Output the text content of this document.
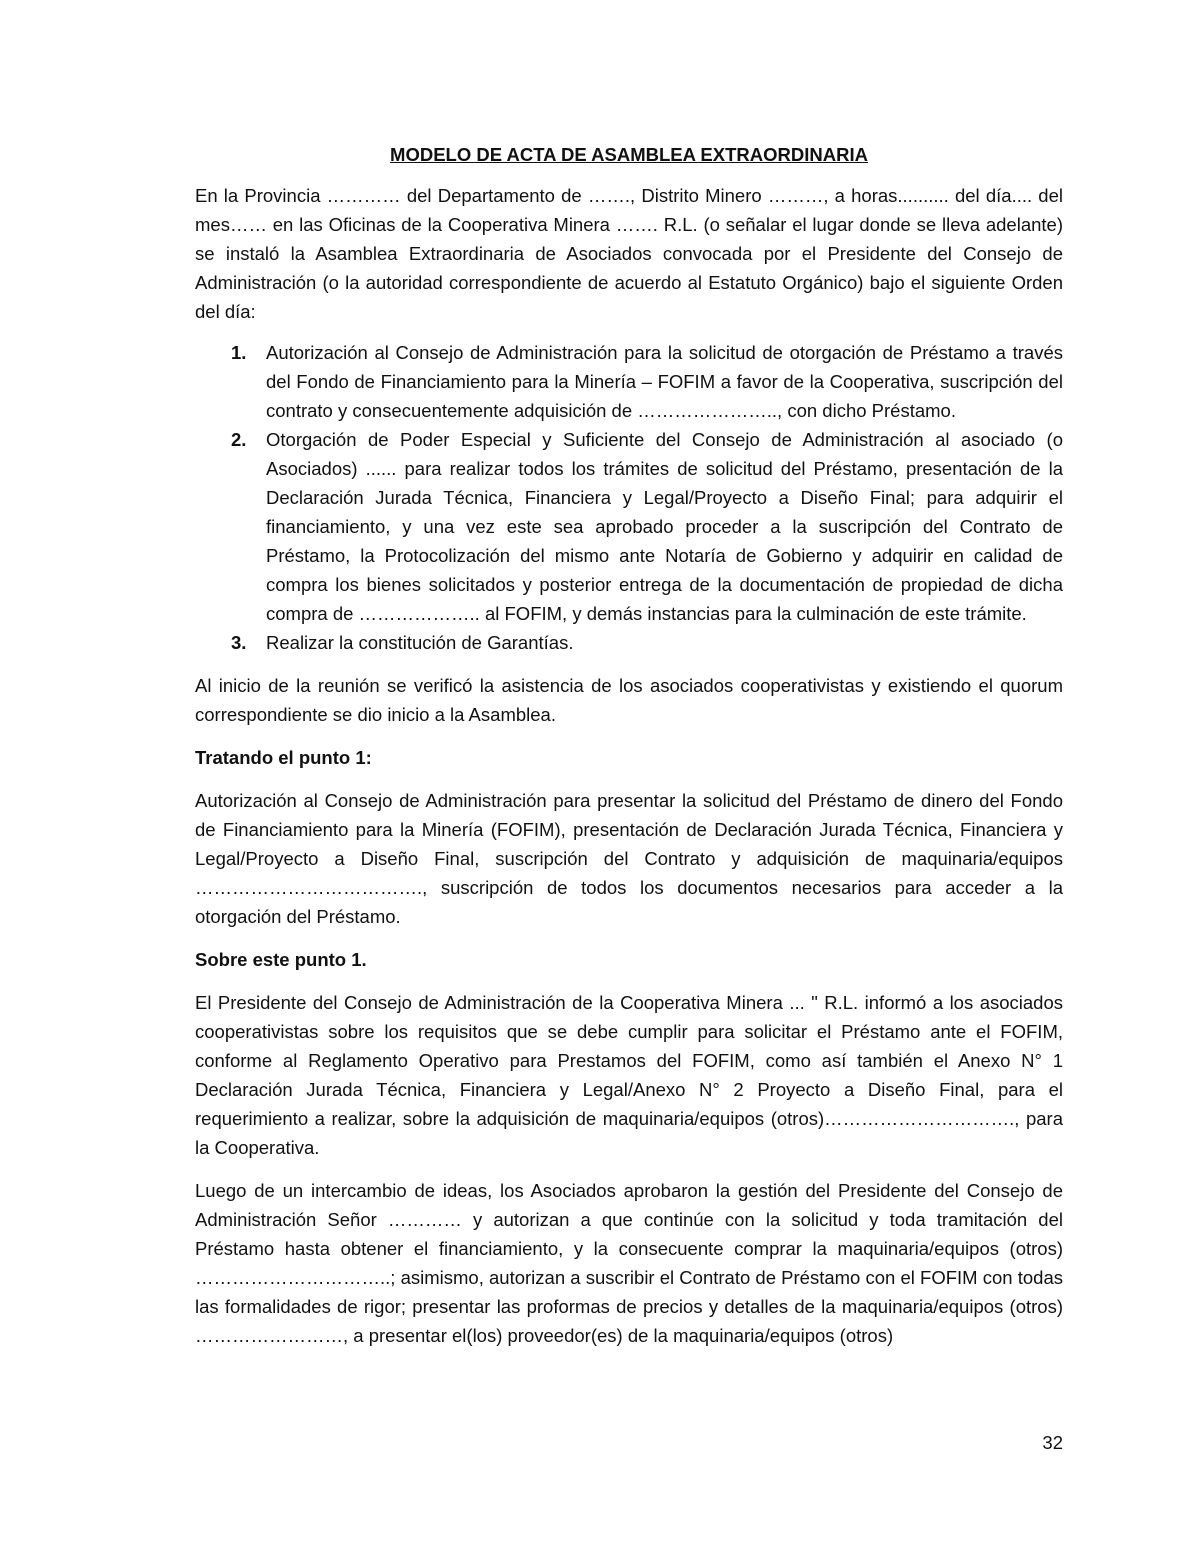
MODELO DE ACTA DE ASAMBLEA EXTRAORDINARIA

En la Provincia ………… del Departamento de ……., Distrito Minero ………, a horas.......... del día.... del mes…… en las Oficinas de la Cooperativa Minera ……. R.L. (o señalar el lugar donde se lleva adelante) se instaló la Asamblea Extraordinaria de Asociados convocada por el Presidente del Consejo de Administración (o la autoridad correspondiente de acuerdo al Estatuto Orgánico) bajo el siguiente Orden del día:

1. Autorización al Consejo de Administración para la solicitud de otorgación de Préstamo a través del Fondo de Financiamiento para la Minería – FOFIM a favor de la Cooperativa, suscripción del contrato y consecuentemente adquisición de ………………….., con dicho Préstamo.
2. Otorgación de Poder Especial y Suficiente del Consejo de Administración al asociado (o Asociados) ...... para realizar todos los trámites de solicitud del Préstamo, presentación de la Declaración Jurada Técnica, Financiera y Legal/Proyecto a Diseño Final; para adquirir el financiamiento, y una vez este sea aprobado proceder a la suscripción del Contrato de Préstamo, la Protocolización del mismo ante Notaría de Gobierno y adquirir en calidad de compra los bienes solicitados y posterior entrega de la documentación de propiedad de dicha compra de ……………….. al FOFIM, y demás instancias para la culminación de este trámite.
3. Realizar la constitución de Garantías.

Al inicio de la reunión se verificó la asistencia de los asociados cooperativistas y existiendo el quorum correspondiente se dio inicio a la Asamblea.

Tratando el punto 1:

Autorización al Consejo de Administración para presentar la solicitud del Préstamo de dinero del Fondo de Financiamiento para la Minería (FOFIM), presentación de Declaración Jurada Técnica, Financiera y Legal/Proyecto a Diseño Final, suscripción del Contrato y adquisición de maquinaria/equipos ………………………………., suscripción de todos los documentos necesarios para acceder a la otorgación del Préstamo.

Sobre este punto 1.

El Presidente del Consejo de Administración de la Cooperativa Minera ... " R.L. informó a los asociados cooperativistas sobre los requisitos que se debe cumplir para solicitar el Préstamo ante el FOFIM, conforme al Reglamento Operativo para Prestamos del FOFIM, como así también el Anexo N° 1 Declaración Jurada Técnica, Financiera y Legal/Anexo N° 2 Proyecto a Diseño Final, para el requerimiento a realizar, sobre la adquisición de maquinaria/equipos (otros)…………………………., para la Cooperativa.

Luego de un intercambio de ideas, los Asociados aprobaron la gestión del Presidente del Consejo de Administración Señor ………… y autorizan a que continúe con la solicitud y toda tramitación del Préstamo hasta obtener el financiamiento, y la consecuente comprar la maquinaria/equipos (otros) …………………………..; asimismo, autorizan a suscribir el Contrato de Préstamo con el FOFIM con todas las formalidades de rigor; presentar las proformas de precios y detalles de la maquinaria/equipos (otros) ……………………, a presentar el(los) proveedor(es) de la maquinaria/equipos (otros)

32
